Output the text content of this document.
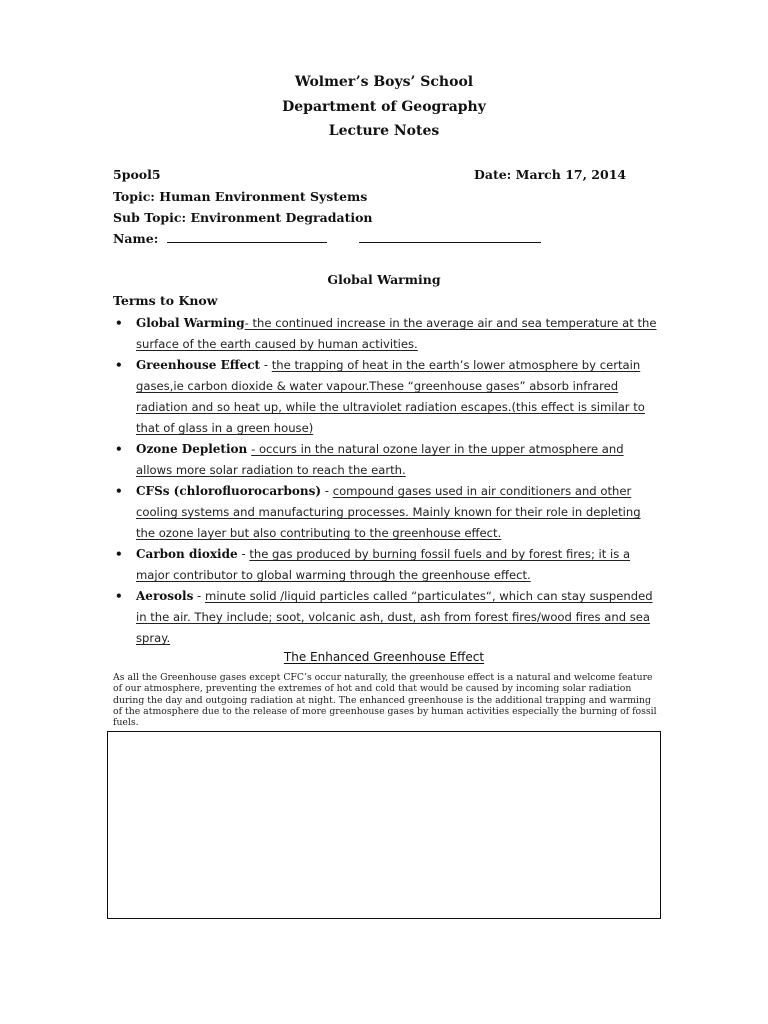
Wolmer’s Boys’ School
Department of Geography
Lecture Notes
5pool5	Date: March 17, 2014
Topic: Human Environment Systems
Sub Topic: Environment Degradation
Name:
Global Warming
Terms to Know
• Global Warming- the continued increase in the average air and sea temperature at the surface of the earth caused by human activities.
• Greenhouse Effect - the trapping of heat in the earth’s lower atmosphere by certain gases,ie carbon dioxide & water vapour.These “greenhouse gases” absorb infrared radiation and so heat up, while the ultraviolet radiation escapes.(this effect is similar to that of glass in a green house)
• Ozone Depletion - occurs in the natural ozone layer in the upper atmosphere and allows more solar radiation to reach the earth.
• CFSs (chlorofluorocarbons) - compound gases used in air conditioners and other cooling systems and manufacturing processes. Mainly known for their role in depleting the ozone layer but also contributing to the greenhouse effect.
• Carbon dioxide - the gas produced by burning fossil fuels and by forest fires; it is a major contributor to global warming through the greenhouse effect.
• Aerosols - minute solid /liquid particles called “particulates“, which can stay suspended in the air. They include; soot, volcanic ash, dust, ash from forest fires/wood fires and sea spray.
The Enhanced Greenhouse Effect
As all the Greenhouse gases except CFC’s occur naturally, the greenhouse effect is a natural and welcome feature of our atmosphere, preventing the extremes of hot and cold that would be caused by incoming solar radiation during the day and outgoing radiation at night. The enhanced greenhouse is the additional trapping and warming of the atmosphere due to the release of more greenhouse gases by human activities especially the burning of fossil fuels.
